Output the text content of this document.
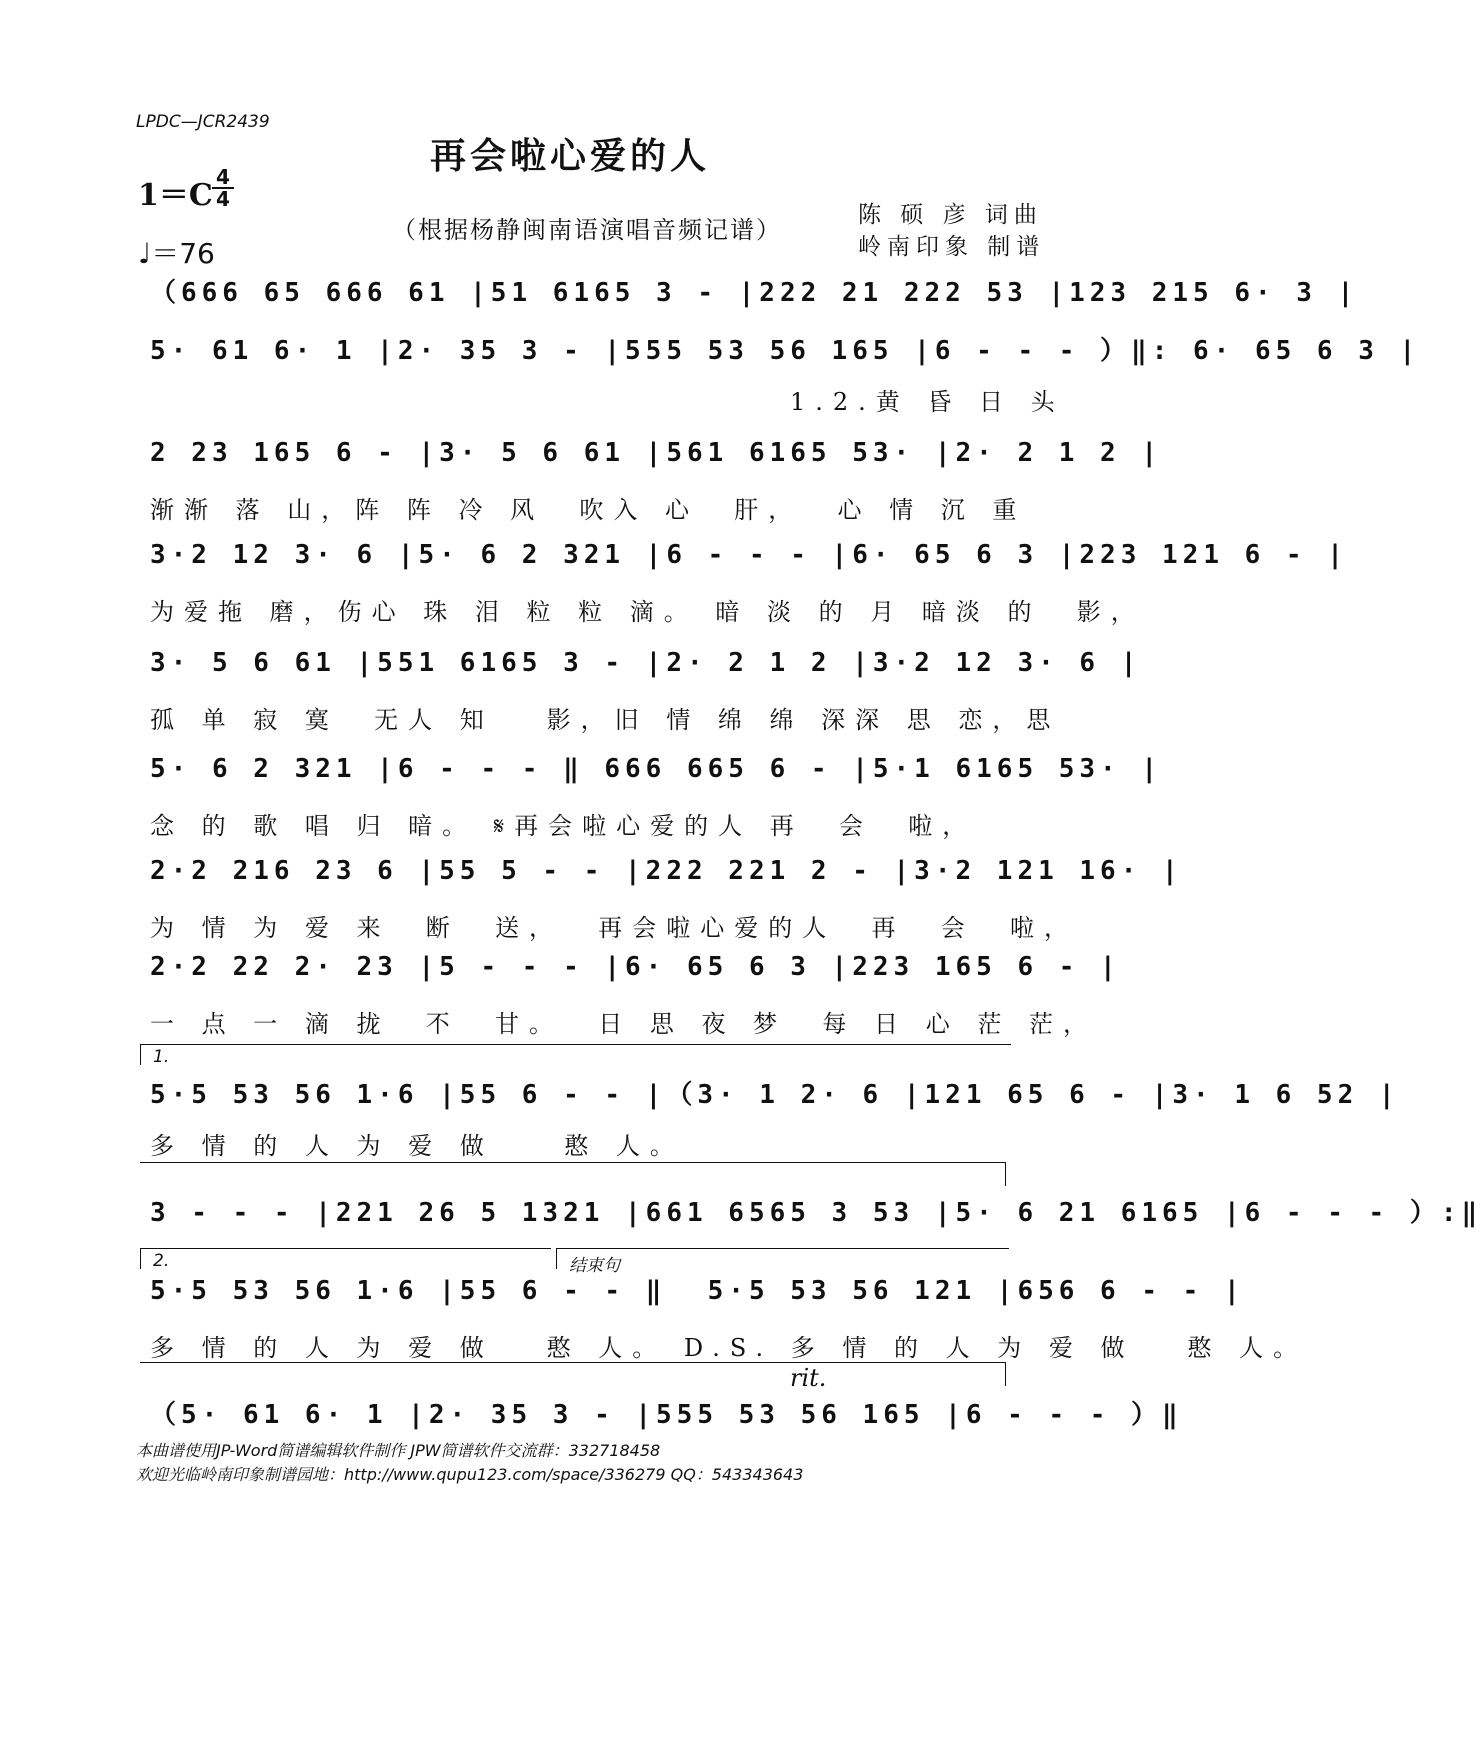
LPDC—JCR2439
再会啦心爱的人
1＝C
4
4
（根据杨静闽南语演唱音频记谱）
陈 硕 彦 词曲
岭南印象 制谱
♩＝76
（666 65 666 61 |51 6165 3 - |222 21 222 53 |123 215 6· 3 |
5· 61 6· 1 |2· 35 3 - |555 53 56 165 |6 - - - ）‖: 6· 65 6 3 |
1.2.黄 昏 日 头
2 23 165 6 - |3· 5 6 61 |561 6165 53· |2· 2 1 2 |
渐渐 落 山，阵 阵 冷 风  吹入 心  肝，  心 情 沉 重
3·2 12 3· 6 |5· 6 2 321 |6 - - - |6· 65 6 3 |223 121 6 - |
为爱拖 磨，伤心 珠 泪 粒 粒 滴。 暗 淡 的 月 暗淡 的  影，
3· 5 6 61 |551 6165 3 - |2· 2 1 2 |3·2 12 3· 6 |
孤 单 寂 寞  无人 知   影，旧 情 绵 绵 深深 思 恋，思
5· 6 2 321 |6 - - - ‖ 666 665 6 - |5·1 6165 53· |
念 的 歌 唱 归 暗。 𝄋再会啦心爱的人 再  会  啦，
2·2 216 23 6 |55 5 - - |222 221 2 - |3·2 121 16· |
为 情 为 爱 来  断  送，  再会啦心爱的人  再  会  啦，
2·2 22 2· 23 |5 - - - |6· 65 6 3 |223 165 6 - |
一 点 一 滴 拢  不  甘。  日 思 夜 梦  每 日 心 茫 茫，
1.
5·5 53 56 1·6 |55 6 - - |（3· 1 2· 6 |121 65 6 - |3· 1 6 52 |
多 情 的 人 为 爱 做    憨 人。
3 - - - |221 26 5 1321 |661 6565 3 53 |5· 6 21 6165 |6 - - - ）:‖
2.	结束句
5·5 53 56 1·6 |55 6 - - ‖  5·5 53 56 121 |656 6 - - |
多 情 的 人 为 爱 做   憨 人。 D.S. 多 情 的 人 为 爱 做   憨 人。
rit.
（5· 61 6· 1 |2· 35 3 - |555 53 56 165 |6 - - - ）‖
本曲谱使用JP-Word简谱编辑软件制作 JPW简谱软件交流群：332718458
欢迎光临岭南印象制谱园地：http://www.qupu123.com/space/336279 QQ：543343643
